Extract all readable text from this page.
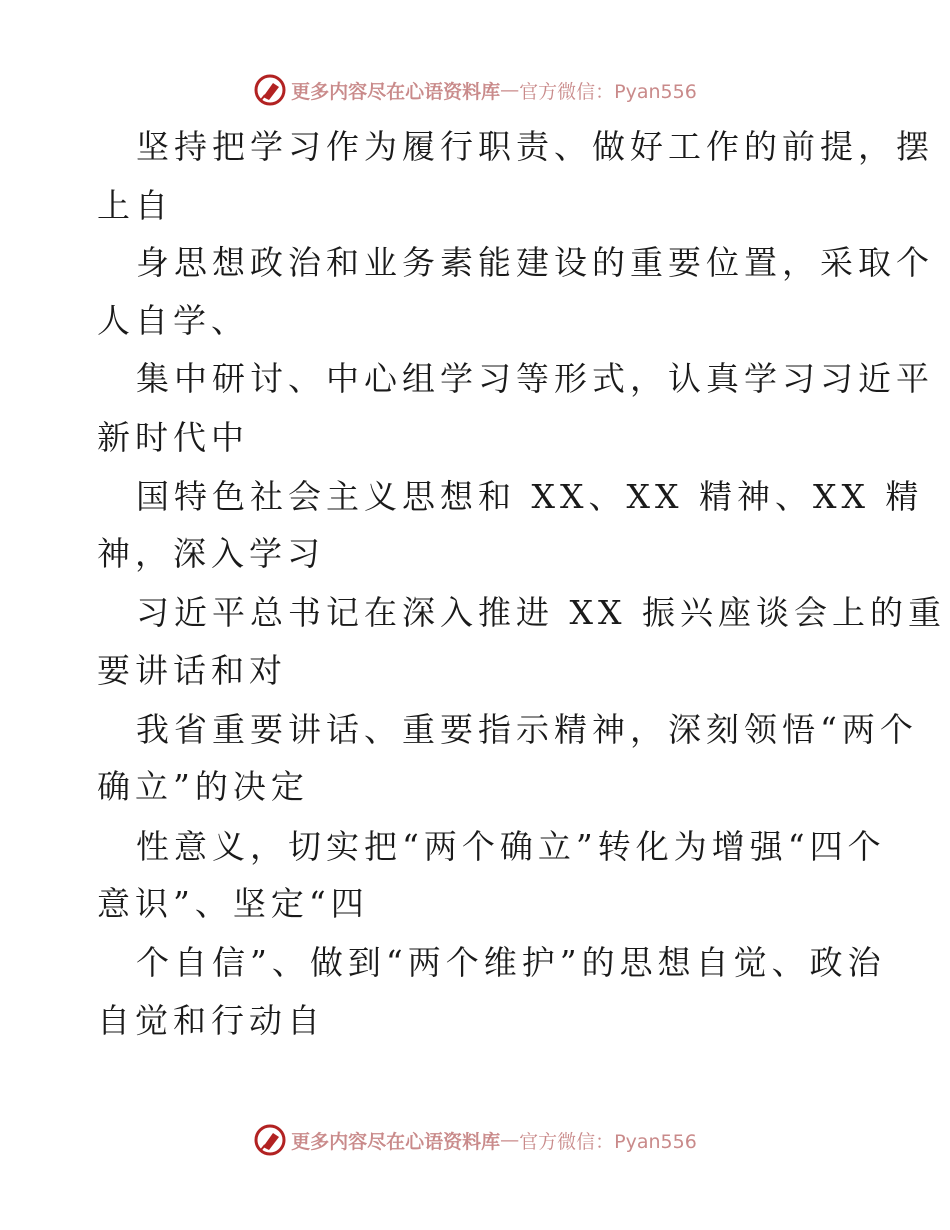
更多内容尽在心语资料库 — 官方微信：Pyan556
坚持把学习作为履行职责、做好工作的前提，摆
上自
身思想政治和业务素能建设的重要位置，采取个
人自学、
集中研讨、中心组学习等形式，认真学习习近平
新时代中
国特色社会主义思想和 XX、XX 精神、XX 精
神，深入学习
习近平总书记在深入推进 XX 振兴座谈会上的重
要讲话和对
我省重要讲话、重要指示精神，深刻领悟“两个
确立”的决定
性意义，切实把“两个确立”转化为增强“四个
意识”、坚定“四
个自信”、做到“两个维护”的思想自觉、政治
自觉和行动自
更多内容尽在心语资料库 — 官方微信：Pyan556
